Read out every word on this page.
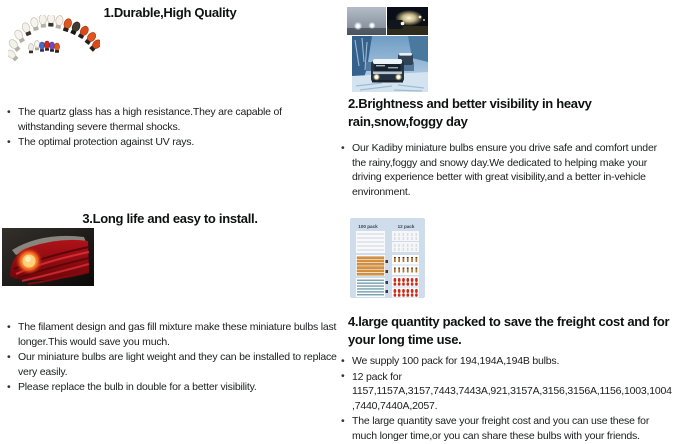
1.Durable,High Quality
• The quartz glass has a high resistance.They are capable of withstanding severe thermal shocks.
• The optimal protection against UV rays.
2.Brightness and better visibility in heavy rain,snow,foggy day
• Our Kadiby miniature bulbs ensure you drive safe and comfort under the rainy,foggy and snowy day.We dedicated to helping make your driving experience better with great visibility,and a better in-vehicle environment.
3.Long life and easy to install.
• The filament design and gas fill mixture make these miniature bulbs last longer.This would save you much.
• Our miniature bulbs are light weight and they can be installed to replace very easily.
• Please replace the bulb in double for a better visibility.
100 pack	12 pack
4.large quantity packed to save the freight cost and for your long time use.
• We supply 100 pack for 194,194A,194B bulbs.
• 12 pack for 1157,1157A,3157,7443,7443A,921,3157A,3156,3156A,1156,1003,1004,7440,7440A,2057.
• The large quantity save your freight cost and you can use these for much longer time,or you can share these bulbs with your friends.
